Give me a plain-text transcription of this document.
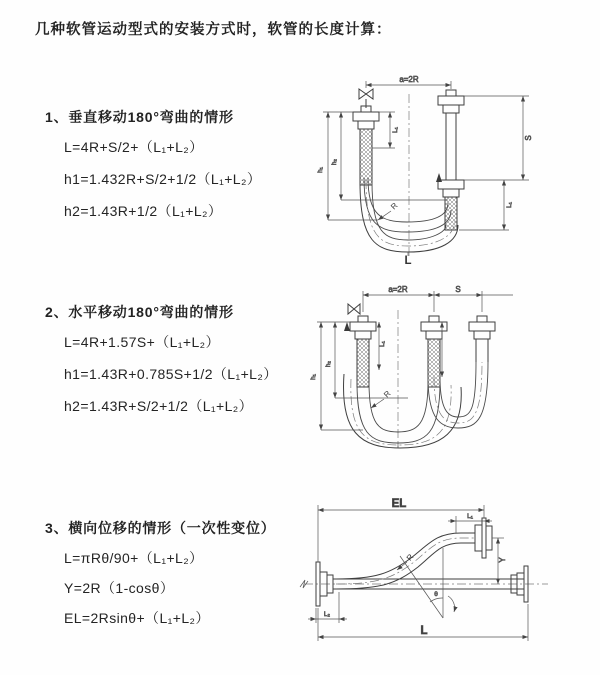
几种软管运动型式的安装方式时，软管的长度计算：
1、垂直移动180°弯曲的情形
L=4R+S/2+（L₁+L₂）
h1=1.432R+S/2+1/2（L₁+L₂）
h2=1.43R+1/2（L₁+L₂）
2、水平移动180°弯曲的情形
L=4R+1.57S+（L₁+L₂）
h1=1.43R+0.785S+1/2（L₁+L₂）
h2=1.43R+S/2+1/2（L₁+L₂）
3、横向位移的情形（一次性变位）
L=πRθ/90+（L₁+L₂）
Y=2R（1-cosθ）
EL=2Rsinθ+（L₁+L₂）
a=2R
L₁
S
L₁
h₁
h₂
R
L
a=2R	S
h₁
h₂
L₁
R
θ
R
EL
L₁
Y
L₂
L
